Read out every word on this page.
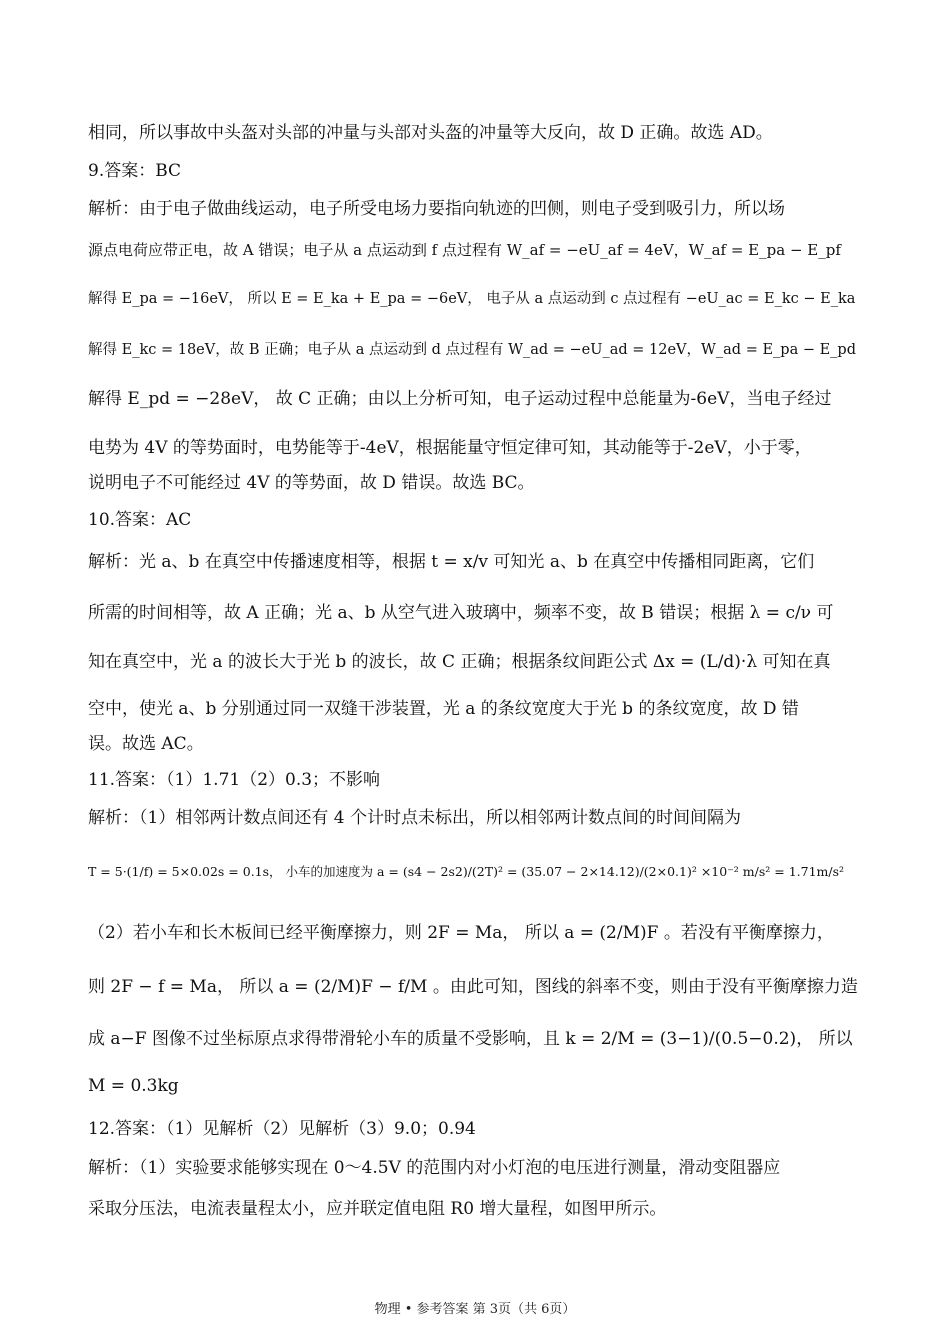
相同，所以事故中头盔对头部的冲量与头部对头盔的冲量等大反向，故 D 正确。故选 AD。
9.答案：BC
解析：由于电子做曲线运动，电子所受电场力要指向轨迹的凹侧，则电子受到吸引力，所以场
源点电荷应带正电，故 A 错误；电子从 a 点运动到 f 点过程有 W_af = −eU_af = 4eV，W_af = E_pa − E_pf
解得 E_pa = −16eV， 所以 E = E_ka + E_pa = −6eV， 电子从 a 点运动到 c 点过程有 −eU_ac = E_kc − E_ka
解得 E_kc = 18eV，故 B 正确；电子从 a 点运动到 d 点过程有 W_ad = −eU_ad = 12eV，W_ad = E_pa − E_pd
解得 E_pd = −28eV， 故 C 正确；由以上分析可知，电子运动过程中总能量为-6eV，当电子经过
电势为 4V 的等势面时，电势能等于-4eV，根据能量守恒定律可知，其动能等于-2eV，小于零，
说明电子不可能经过 4V 的等势面，故 D 错误。故选 BC。
10.答案：AC
解析：光 a、b 在真空中传播速度相等，根据 t = x/v 可知光 a、b 在真空中传播相同距离，它们
所需的时间相等，故 A 正确；光 a、b 从空气进入玻璃中，频率不变，故 B 错误；根据 λ = c/ν 可
知在真空中，光 a 的波长大于光 b 的波长，故 C 正确；根据条纹间距公式 Δx = (L/d)·λ 可知在真
空中，使光 a、b 分别通过同一双缝干涉装置，光 a 的条纹宽度大于光 b 的条纹宽度，故 D 错
误。故选 AC。
11.答案：（1）1.71（2）0.3；不影响
解析：（1）相邻两计数点间还有 4 个计时点未标出，所以相邻两计数点间的时间间隔为
T = 5·(1/f) = 5×0.02s = 0.1s， 小车的加速度为 a = (s4 − 2s2)/(2T)² = (35.07 − 2×14.12)/(2×0.1)² ×10⁻² m/s² = 1.71m/s²
（2）若小车和长木板间已经平衡摩擦力，则 2F = Ma， 所以 a = (2/M)F 。若没有平衡摩擦力，
则 2F − f = Ma， 所以 a = (2/M)F − f/M 。由此可知，图线的斜率不变，则由于没有平衡摩擦力造
成 a−F 图像不过坐标原点求得带滑轮小车的质量不受影响，且 k = 2/M = (3−1)/(0.5−0.2)， 所以
M = 0.3kg
12.答案：（1）见解析（2）见解析（3）9.0；0.94
解析：（1）实验要求能够实现在 0～4.5V 的范围内对小灯泡的电压进行测量，滑动变阻器应
采取分压法，电流表量程太小，应并联定值电阻 R0 增大量程，如图甲所示。
物理 • 参考答案 第 3页（共 6页）
